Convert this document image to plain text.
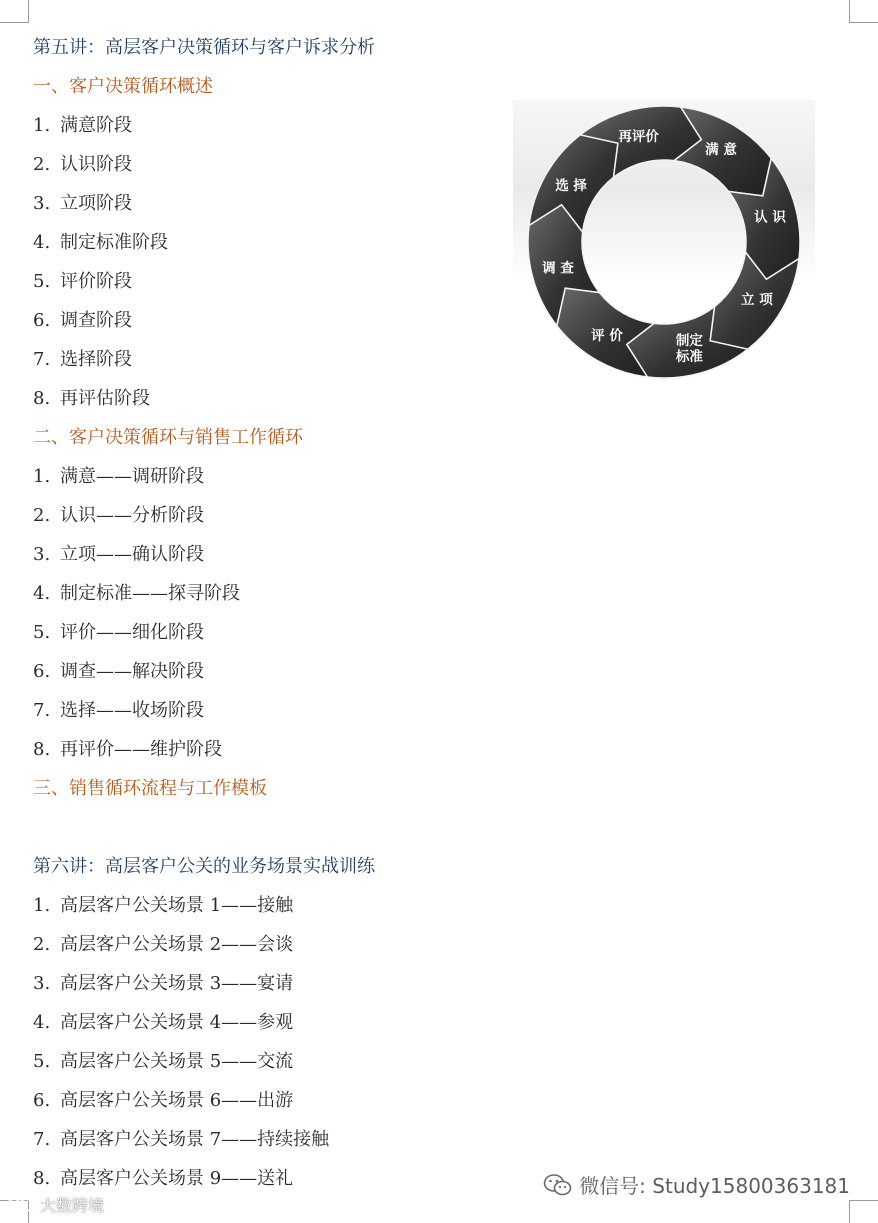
第五讲：高层客户决策循环与客户诉求分析
一、客户决策循环概述
1. 满意阶段
2. 认识阶段
3. 立项阶段
4. 制定标准阶段
5. 评价阶段
6. 调查阶段
7. 选择阶段
8. 再评估阶段
二、客户决策循环与销售工作循环
1. 满意——调研阶段
2. 认识——分析阶段
3. 立项——确认阶段
4. 制定标准——探寻阶段
5. 评价——细化阶段
6. 调查——解决阶段
7. 选择——收场阶段
8. 再评价——维护阶段
三、销售循环流程与工作模板
第六讲：高层客户公关的业务场景实战训练
1. 高层客户公关场景 1——接触
2. 高层客户公关场景 2——会谈
3. 高层客户公关场景 3——宴请
4. 高层客户公关场景 4——参观
5. 高层客户公关场景 5——交流
6. 高层客户公关场景 6——出游
7. 高层客户公关场景 7——持续接触
8. 高层客户公关场景 9——送礼
满 意
认 识
立 项
制定标准
评 价
调 查
选 择
再评价
微信号: Study15800363181
大数跨境
